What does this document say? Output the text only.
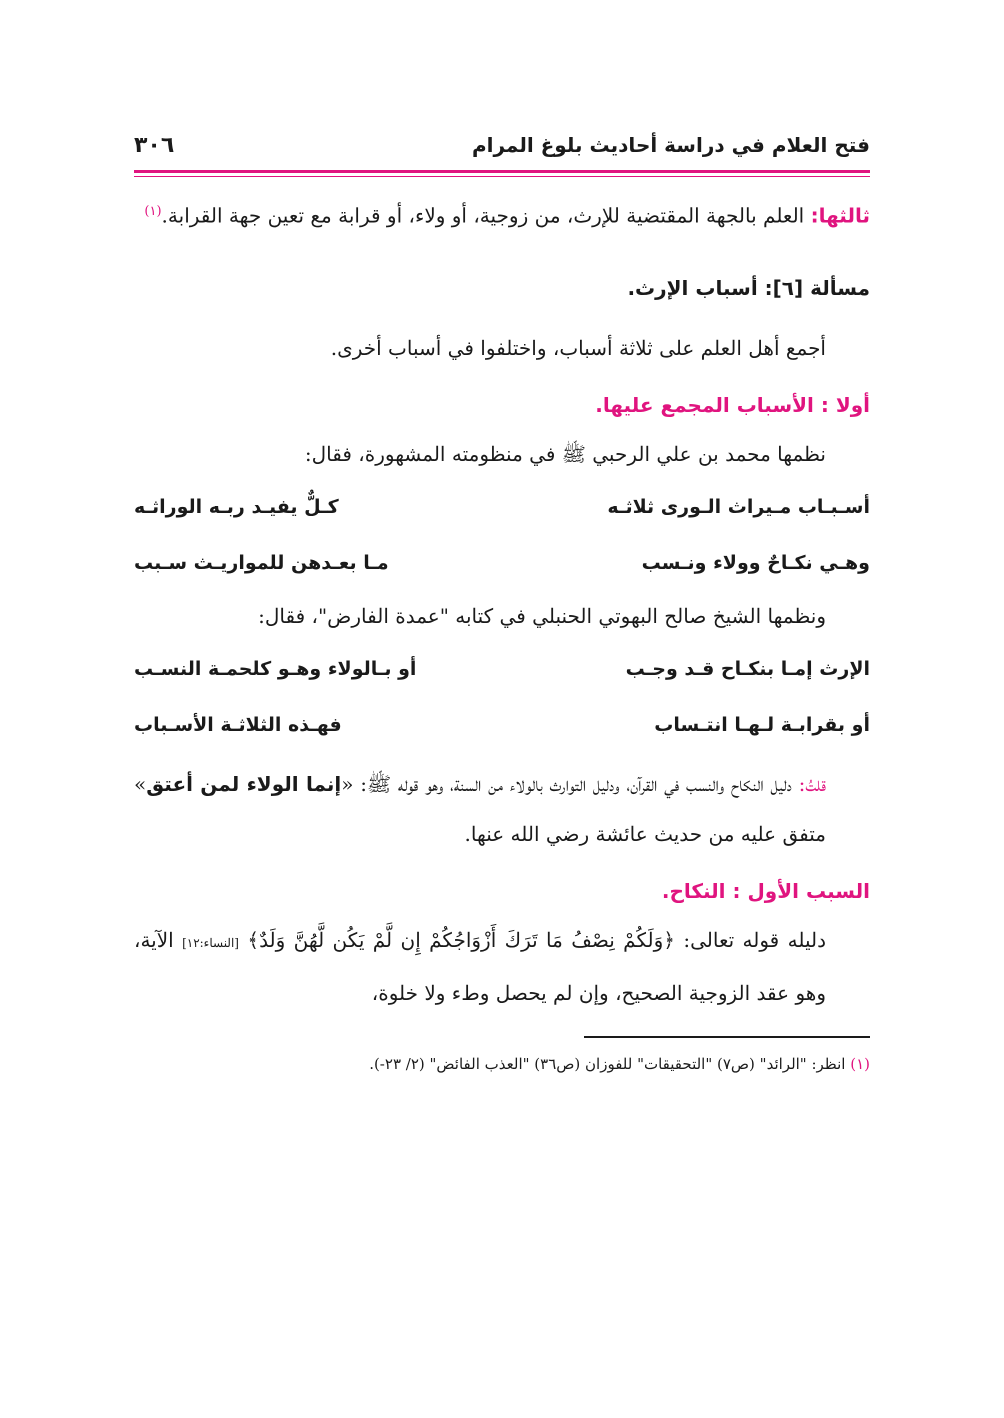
فتح العلام في دراسة أحاديث بلوغ المرام
٣٠٦
ثالثها: العلم بالجهة المقتضية للإرث، من زوجية، أو ولاء، أو قرابة مع تعين جهة القرابة.$^{(١)}$
مسألة [٦]: أسباب الإرث.
أجمع أهل العلم على ثلاثة أسباب، واختلفوا في أسباب أخرى.
أولا : الأسباب المجمع عليها.
نظمها محمد بن علي الرحبي ﷺ في منظومته المشهورة، فقال:
أسـبـاب مـيراث الـورى ثلاثـه
كـلٌّ يفيـد ربـه الوراثـه
وهـي نكـاحٌ وولاء ونـسب
مـا بعـدهن للمواريـث سـبب
ونظمها الشيخ صالح البهوتي الحنبلي في كتابه "عمدة الفارض"، فقال:
الإرث إمـا بنكـاح قـد وجـب
أو بـالولاء وهـو كلحمـة النسـب
أو بقرابـة لـهـا انتـساب
فهـذه الثلاثـة الأسـباب
قلتُ: دليل النكاح والنسب في القرآن، ودليل التوارث بالولاء من السنة، وهو قوله ﷺ: «إنما الولاء لمن أعتق» متفق عليه من حديث عائشة رضي الله عنها.
السبب الأول : النكاح.
دليله قوله تعالى: ﴿وَلَكُمْ نِصْفُ مَا تَرَكَ أَزْوَاجُكُمْ إِن لَّمْ يَكُن لَّهُنَّ وَلَدٌ﴾ [النساء:١٢] الآية، وهو عقد الزوجية الصحيح، وإن لم يحصل وطء ولا خلوة،
(١) انظر: "الرائد" (ص٧) "التحقيقات" للفوزان (ص٣٦) "العذب الفائض" (٢/ ٢٣-).
